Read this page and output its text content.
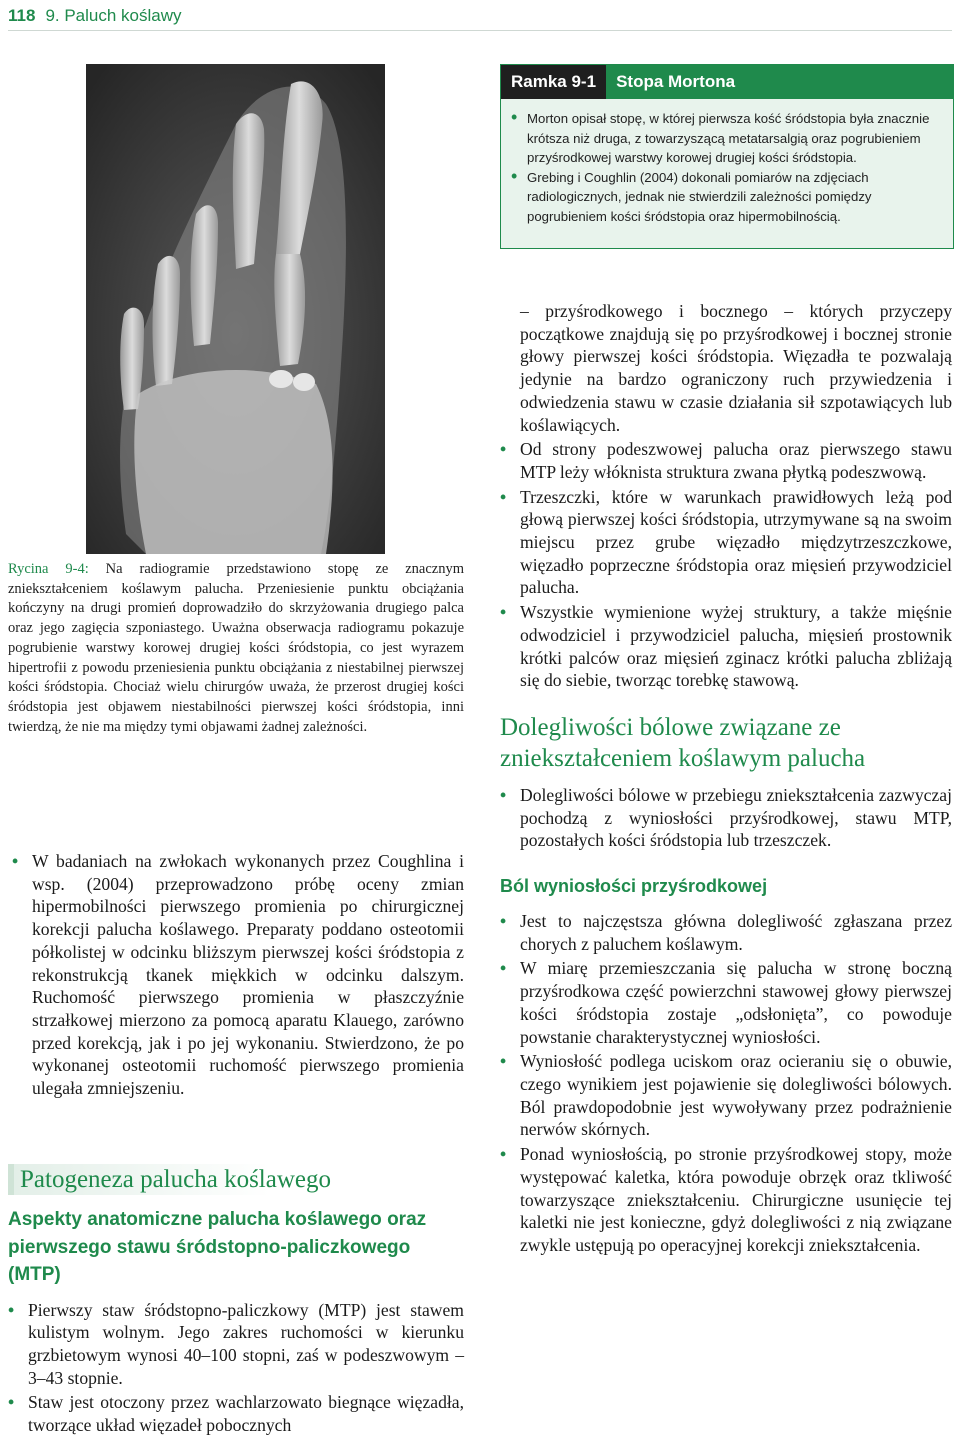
118 9. Paluch koślawy
Ramka 9-1	Stopa Mortona
• Morton opisał stopę, w której pierwsza kość śródstopia była znacznie krótsza niż druga, z towarzyszącą metatarsalgią oraz pogrubieniem przyśrodkowej warstwy korowej drugiej kości śródstopia.
• Grebing i Coughlin (2004) dokonali pomiarów na zdjęciach radiologicznych, jednak nie stwierdzili zależności pomiędzy pogrubieniem kości śródstopia oraz hipermobilnością.
Rycina 9-4: Na radiogramie przedstawiono stopę ze znacznym zniekształceniem koślawym palucha. Przeniesienie punktu obciążania kończyny na drugi promień doprowadziło do skrzyżowania drugiego palca oraz jego zagięcia szponiastego. Uważna obserwacja radiogramu pokazuje pogrubienie warstwy korowej drugiej kości śródstopia, co jest wyrazem hipertrofii z powodu przeniesienia punktu obciążania z niestabilnej pierwszej kości śródstopia. Chociaż wielu chirurgów uważa, że przerost drugiej kości śródstopia jest objawem niestabilności pierwszej kości śródstopia, inni twierdzą, że nie ma między tymi objawami żadnej zależności.
• W badaniach na zwłokach wykonanych przez Coughlina i wsp. (2004) przeprowadzono próbę oceny zmian hipermobilności pierwszego promienia po chirurgicznej korekcji palucha koślawego. Preparaty poddano osteotomii półkolistej w odcinku bliższym pierwszej kości śródstopia z rekonstrukcją tkanek miękkich w odcinku dalszym. Ruchomość pierwszego promienia w płaszczyźnie strzałkowej mierzono za pomocą aparatu Klauego, zarówno przed korekcją, jak i po jej wykonaniu. Stwierdzono, że po wykonanej osteotomii ruchomość pierwszego promienia ulegała zmniejszeniu.
Patogeneza palucha koślawego
Aspekty anatomiczne palucha koślawego oraz pierwszego stawu śródstopno-paliczkowego (MTP)
• Pierwszy staw śródstopno-paliczkowy (MTP) jest stawem kulistym wolnym. Jego zakres ruchomości w kierunku grzbietowym wynosi 40–100 stopni, zaś w podeszwowym – 3–43 stopnie.
• Staw jest otoczony przez wachlarzowato biegnące więzadła, tworzące układ więzadeł pobocznych
– przyśrodkowego i bocznego – których przyczepy początkowe znajdują się po przyśrodkowej i bocznej stronie głowy pierwszej kości śródstopia. Więzadła te pozwalają jedynie na bardzo ograniczony ruch przywiedzenia i odwiedzenia stawu w czasie działania sił szpotawiących lub koślawiących.
• Od strony podeszwowej palucha oraz pierwszego stawu MTP leży włóknista struktura zwana płytką podeszwową.
• Trzeszczki, które w warunkach prawidłowych leżą pod głową pierwszej kości śródstopia, utrzymywane są na swoim miejscu przez grube więzadło międzytrzeszczkowe, więzadło poprzeczne śródstopia oraz mięsień przywodziciel palucha.
• Wszystkie wymienione wyżej struktury, a także mięśnie odwodziciel i przywodziciel palucha, mięsień prostownik krótki palców oraz mięsień zginacz krótki palucha zbliżają się do siebie, tworząc torebkę stawową.
Dolegliwości bólowe związane ze zniekształceniem koślawym palucha
• Dolegliwości bólowe w przebiegu zniekształcenia zazwyczaj pochodzą z wyniosłości przyśrodkowej, stawu MTP, pozostałych kości śródstopia lub trzeszczek.
Ból wyniosłości przyśrodkowej
• Jest to najczęstsza główna dolegliwość zgłaszana przez chorych z paluchem koślawym.
• W miarę przemieszczania się palucha w stronę boczną przyśrodkowa część powierzchni stawowej głowy pierwszej kości śródstopia zostaje „odsłonięta”, co powoduje powstanie charakterystycznej wyniosłości.
• Wyniosłość podlega uciskom oraz ocieraniu się o obuwie, czego wynikiem jest pojawienie się dolegliwości bólowych. Ból prawdopodobnie jest wywoływany przez podrażnienie nerwów skórnych.
• Ponad wyniosłością, po stronie przyśrodkowej stopy, może występować kaletka, która powoduje obrzęk oraz tkliwość towarzyszące zniekształceniu. Chirurgiczne usunięcie tej kaletki nie jest konieczne, gdyż dolegliwości z nią związane zwykle ustępują po operacyjnej korekcji zniekształcenia.
